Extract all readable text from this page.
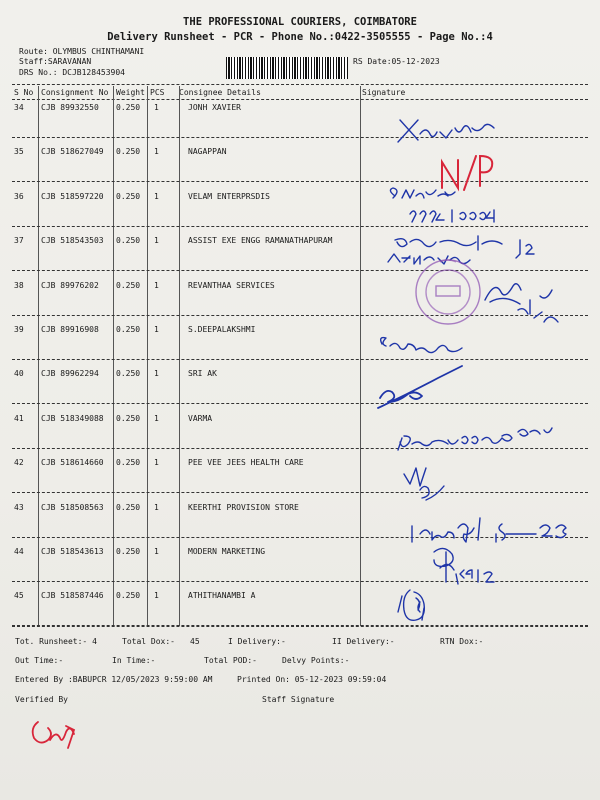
THE PROFESSIONAL COURIERS, COIMBATORE
Delivery Runsheet - PCR - Phone No.:0422-3505555 - Page No.:4
Route: OLYMBUS CHINTHAMANI
Staff:SARAVANAN
DRS No.: DCJB128453904
RS Date:05-12-2023
S No Consignment No Weight PCS Consignee Details	Signature
34 CJB 89932550 0.250 1	JONH XAVIER
35 CJB 518627049 0.250 1	NAGAPPAN
36 CJB 518597220 0.250 1	VELAM ENTERPRSDIS
37 CJB 518543503 0.250 1	ASSIST EXE ENGG RAMANATHAPURAM
38 CJB 89976202 0.250 1	REVANTHAA SERVICES
39 CJB 89916908 0.250 1	S.DEEPALAKSHMI
40 CJB 89962294 0.250 1	SRI AK
41 CJB 518349088 0.250 1	VARMA
42 CJB 518614660 0.250 1	PEE VEE JEES HEALTH CARE
43 CJB 518508563 0.250 1	KEERTHI PROVISION STORE
44 CJB 518543613 0.250 1	MODERN MARKETING
45 CJB 518587446 0.250 1	ATHITHANAMBI A
Tot. Runsheet:- 4	Total Dox:- 45	I Delivery:-	II Delivery:-	RTN Dox:-
Out Time:-	In Time:-	Total POD:-	Delvy Points:-
Entered By :BABUPCR 12/05/2023 9:59:00 AM	Printed On: 05-12-2023 09:59:04
Verified By	Staff Signature
